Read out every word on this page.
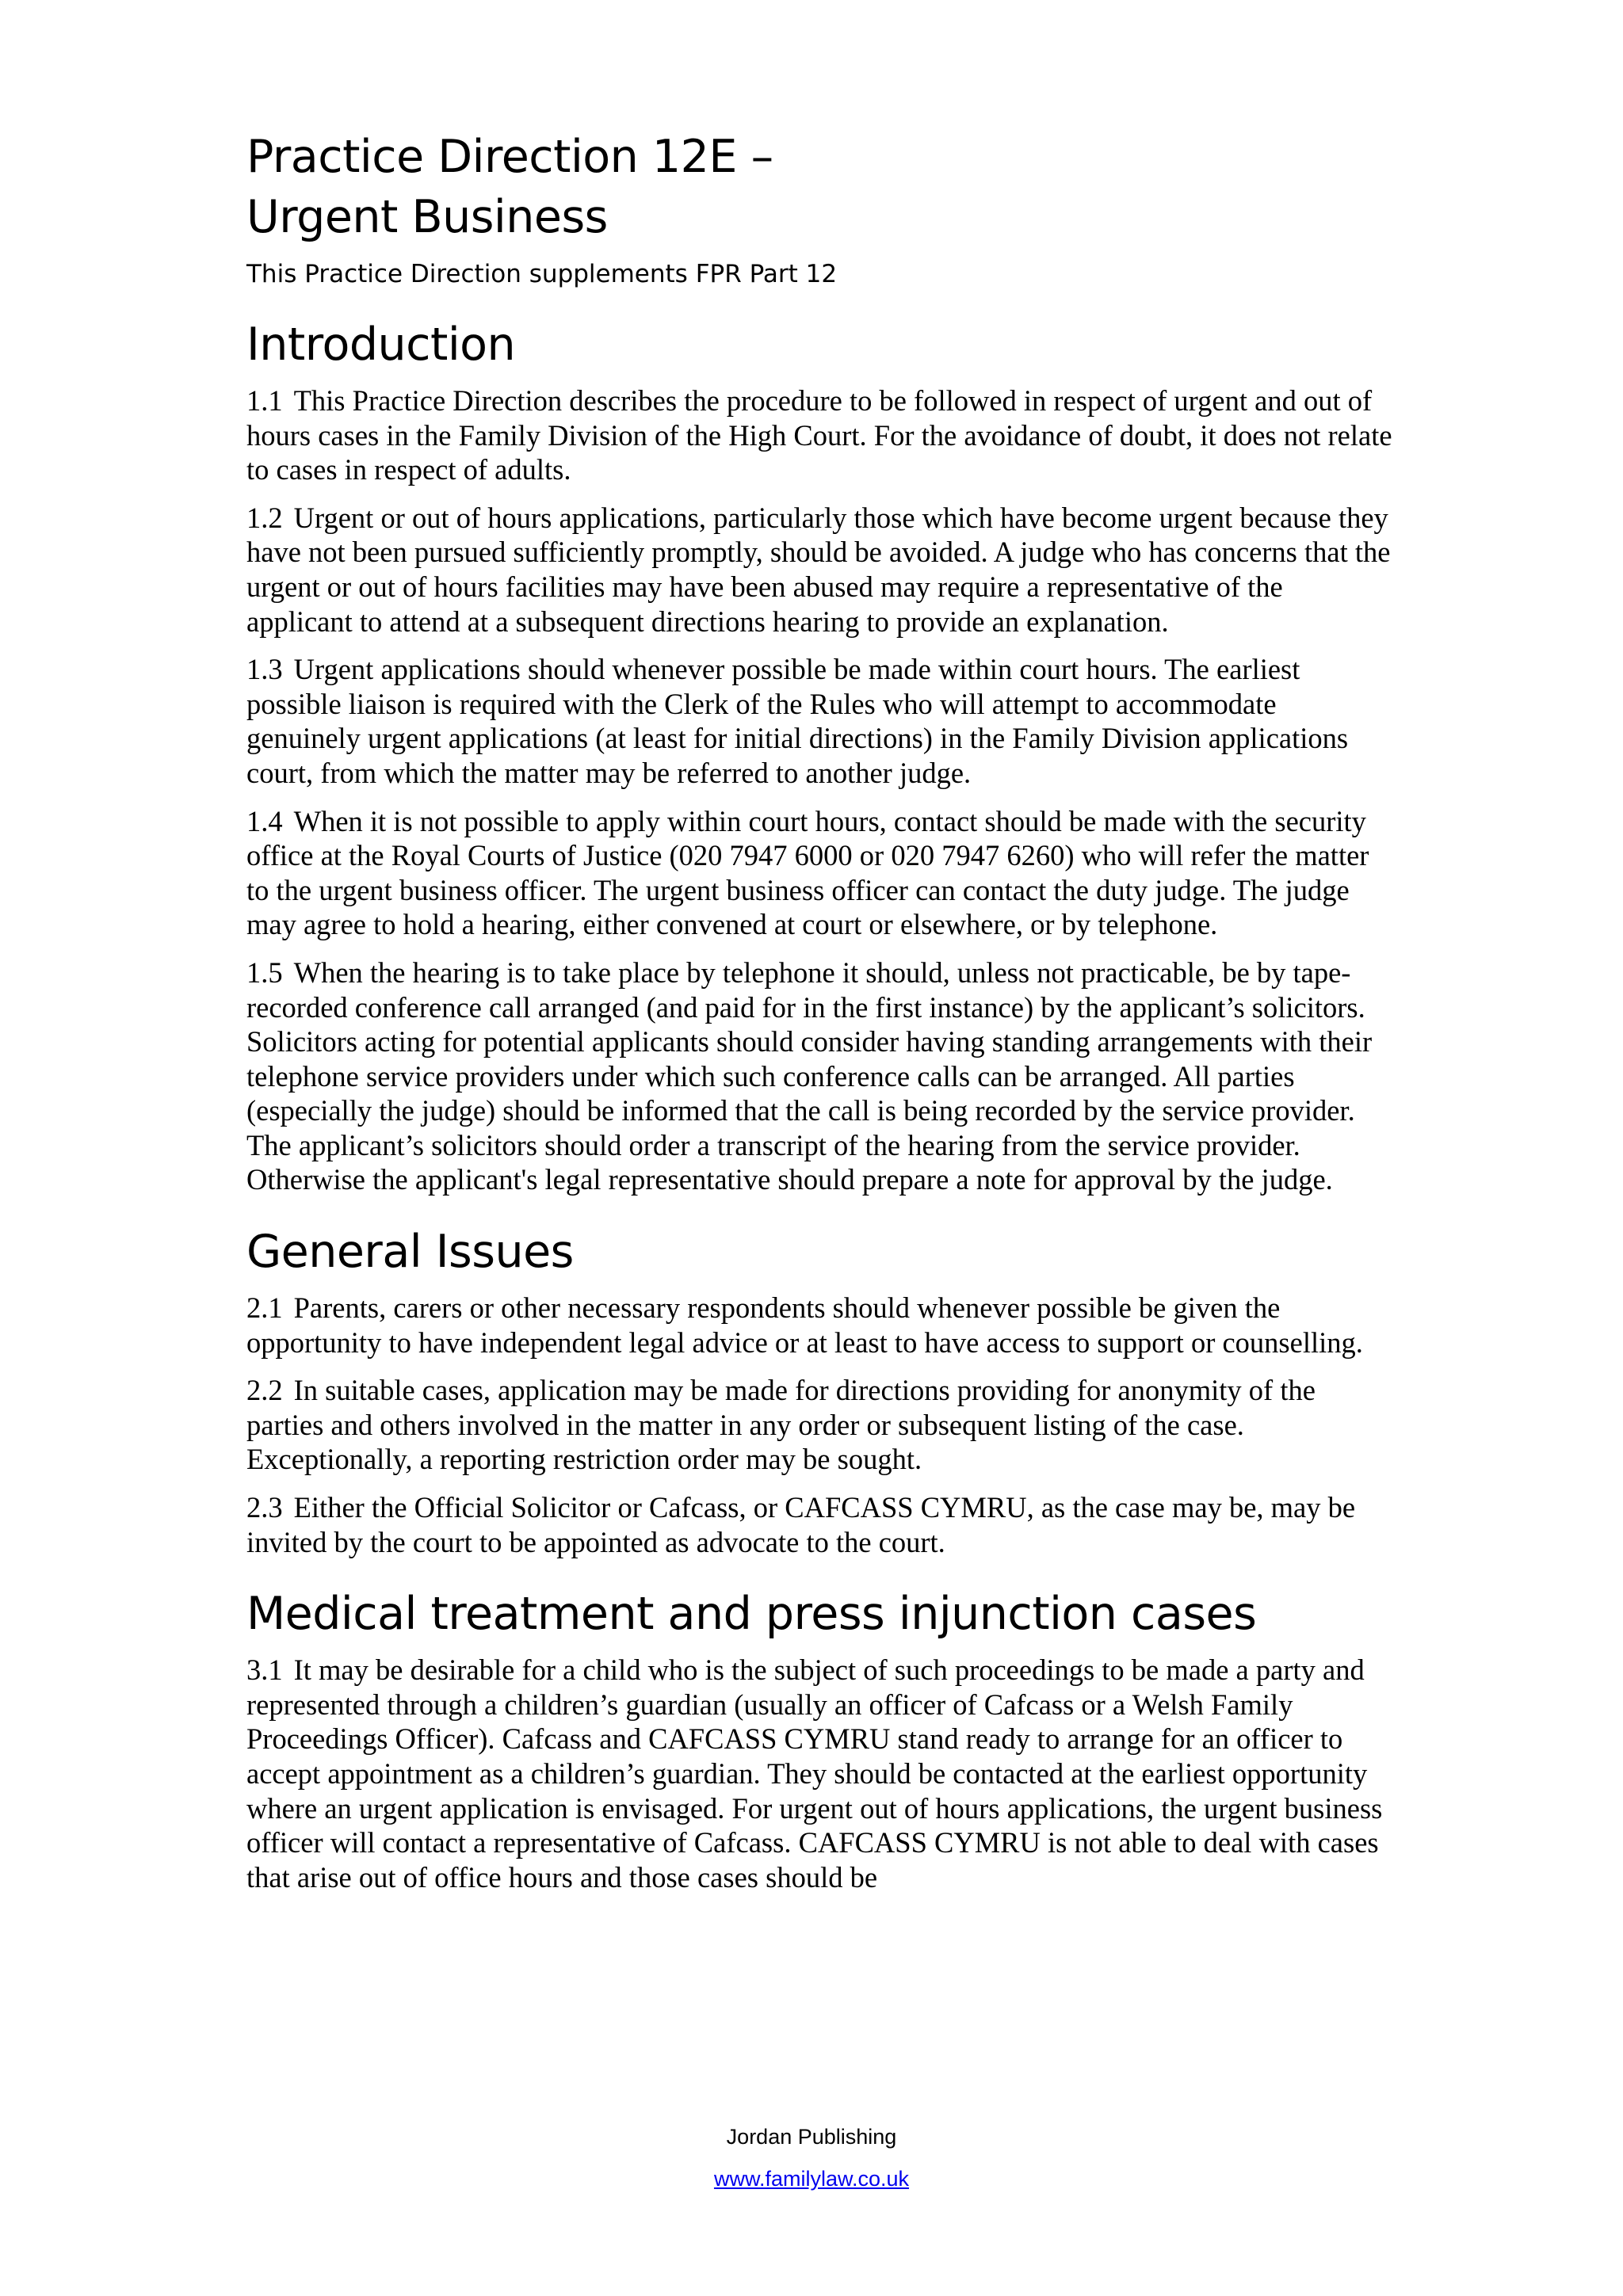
Practice Direction 12E –
Urgent Business

This Practice Direction supplements FPR Part 12

Introduction

1.1 This Practice Direction describes the procedure to be followed in respect of urgent and out of hours cases in the Family Division of the High Court. For the avoidance of doubt, it does not relate to cases in respect of adults.

1.2 Urgent or out of hours applications, particularly those which have become urgent because they have not been pursued sufficiently promptly, should be avoided. A judge who has concerns that the urgent or out of hours facilities may have been abused may require a representative of the applicant to attend at a subsequent directions hearing to provide an explanation.

1.3 Urgent applications should whenever possible be made within court hours. The earliest possible liaison is required with the Clerk of the Rules who will attempt to accommodate genuinely urgent applications (at least for initial directions) in the Family Division applications court, from which the matter may be referred to another judge.

1.4 When it is not possible to apply within court hours, contact should be made with the security office at the Royal Courts of Justice (020 7947 6000 or 020 7947 6260) who will refer the matter to the urgent business officer. The urgent business officer can contact the duty judge. The judge may agree to hold a hearing, either convened at court or elsewhere, or by telephone.

1.5 When the hearing is to take place by telephone it should, unless not practicable, be by tape-recorded conference call arranged (and paid for in the first instance) by the applicant’s solicitors. Solicitors acting for potential applicants should consider having standing arrangements with their telephone service providers under which such conference calls can be arranged. All parties (especially the judge) should be informed that the call is being recorded by the service provider. The applicant’s solicitors should order a transcript of the hearing from the service provider. Otherwise the applicant's legal representative should prepare a note for approval by the judge.

General Issues

2.1 Parents, carers or other necessary respondents should whenever possible be given the opportunity to have independent legal advice or at least to have access to support or counselling.

2.2 In suitable cases, application may be made for directions providing for anonymity of the parties and others involved in the matter in any order or subsequent listing of the case. Exceptionally, a reporting restriction order may be sought.

2.3 Either the Official Solicitor or Cafcass, or CAFCASS CYMRU, as the case may be, may be invited by the court to be appointed as advocate to the court.

Medical treatment and press injunction cases

3.1 It may be desirable for a child who is the subject of such proceedings to be made a party and represented through a children’s guardian (usually an officer of Cafcass or a Welsh Family Proceedings Officer). Cafcass and CAFCASS CYMRU stand ready to arrange for an officer to accept appointment as a children’s guardian. They should be contacted at the earliest opportunity where an urgent application is envisaged. For urgent out of hours applications, the urgent business officer will contact a representative of Cafcass. CAFCASS CYMRU is not able to deal with cases that arise out of office hours and those cases should be

Jordan Publishing
www.familylaw.co.uk
